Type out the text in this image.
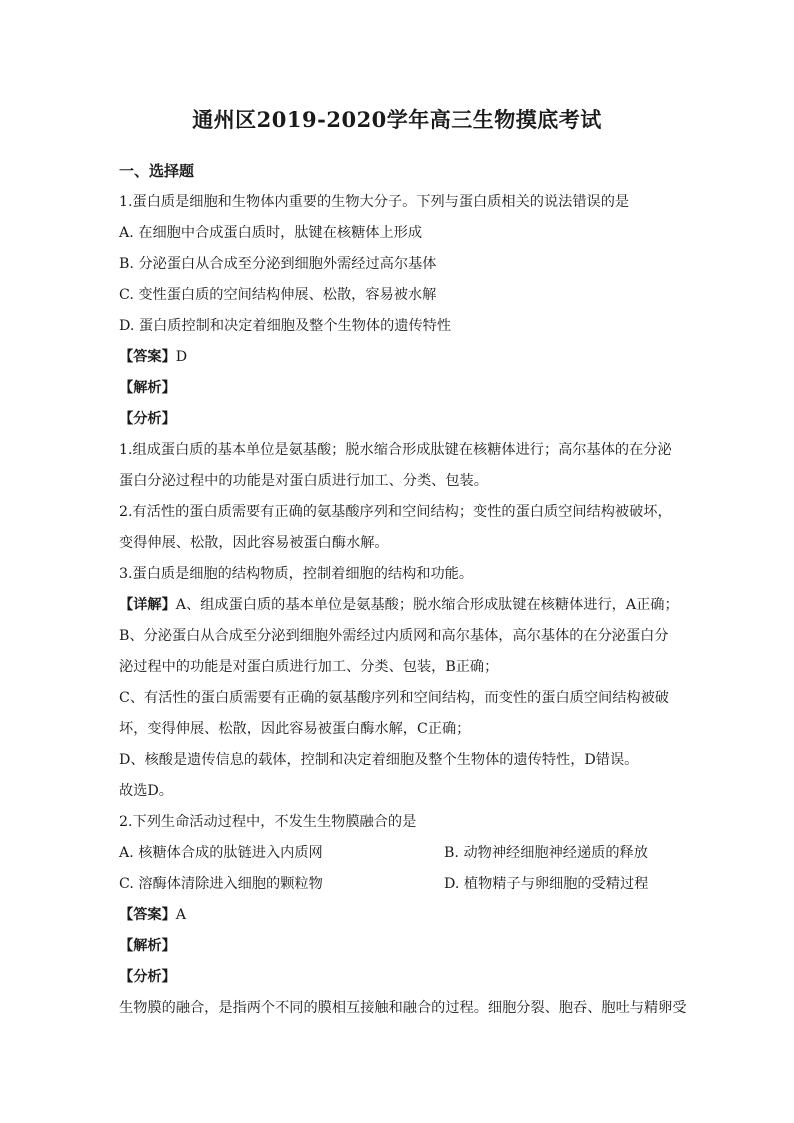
通州区2019-2020学年高三生物摸底考试
一、选择题
1.蛋白质是细胞和生物体内重要的生物大分子。下列与蛋白质相关的说法错误的是
A. 在细胞中合成蛋白质时，肽键在核糖体上形成
B. 分泌蛋白从合成至分泌到细胞外需经过高尔基体
C. 变性蛋白质的空间结构伸展、松散，容易被水解
D. 蛋白质控制和决定着细胞及整个生物体的遗传特性
【答案】D
【解析】
【分析】
1.组成蛋白质的基本单位是氨基酸；脱水缩合形成肽键在核糖体进行；高尔基体的在分泌蛋白分泌过程中的功能是对蛋白质进行加工、分类、包装。
2.有活性的蛋白质需要有正确的氨基酸序列和空间结构；变性的蛋白质空间结构被破坏，变得伸展、松散，因此容易被蛋白酶水解。
3.蛋白质是细胞的结构物质，控制着细胞的结构和功能。
【详解】A、组成蛋白质的基本单位是氨基酸；脱水缩合形成肽键在核糖体进行，A正确；
B、分泌蛋白从合成至分泌到细胞外需经过内质网和高尔基体，高尔基体的在分泌蛋白分泌过程中的功能是对蛋白质进行加工、分类、包装，B正确；
C、有活性的蛋白质需要有正确的氨基酸序列和空间结构，而变性的蛋白质空间结构被破坏，变得伸展、松散，因此容易被蛋白酶水解，C正确；
D、核酸是遗传信息的载体，控制和决定着细胞及整个生物体的遗传特性，D错误。
故选D。
2.下列生命活动过程中，不发生生物膜融合的是
A. 核糖体合成的肽链进入内质网	B. 动物神经细胞神经递质的释放
C. 溶酶体清除进入细胞的颗粒物	D. 植物精子与卵细胞的受精过程
【答案】A
【解析】
【分析】
生物膜的融合，是指两个不同的膜相互接触和融合的过程。细胞分裂、胞吞、胞吐与精卵受
